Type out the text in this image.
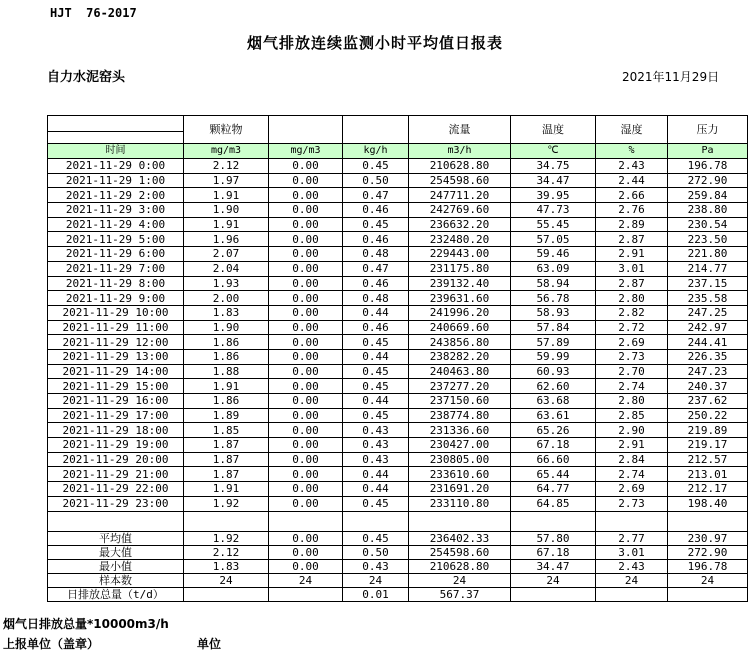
HJT  76-2017
烟气排放连续监测小时平均值日报表
自力水泥窑头	2021年11月29日
	颗粒物			流量	温度	湿度	压力

时间	mg/m3	mg/m3	kg/h	m3/h	℃	%	Pa
2021-11-29 0:00	2.12	0.00	0.45	210628.80	34.75	2.43	196.78
2021-11-29 1:00	1.97	0.00	0.50	254598.60	34.47	2.44	272.90
2021-11-29 2:00	1.91	0.00	0.47	247711.20	39.95	2.66	259.84
2021-11-29 3:00	1.90	0.00	0.46	242769.60	47.73	2.76	238.80
2021-11-29 4:00	1.91	0.00	0.45	236632.20	55.45	2.89	230.54
2021-11-29 5:00	1.96	0.00	0.46	232480.20	57.05	2.87	223.50
2021-11-29 6:00	2.07	0.00	0.48	229443.00	59.46	2.91	221.80
2021-11-29 7:00	2.04	0.00	0.47	231175.80	63.09	3.01	214.77
2021-11-29 8:00	1.93	0.00	0.46	239132.40	58.94	2.87	237.15
2021-11-29 9:00	2.00	0.00	0.48	239631.60	56.78	2.80	235.58
2021-11-29 10:00	1.83	0.00	0.44	241996.20	58.93	2.82	247.25
2021-11-29 11:00	1.90	0.00	0.46	240669.60	57.84	2.72	242.97
2021-11-29 12:00	1.86	0.00	0.45	243856.80	57.89	2.69	244.41
2021-11-29 13:00	1.86	0.00	0.44	238282.20	59.99	2.73	226.35
2021-11-29 14:00	1.88	0.00	0.45	240463.80	60.93	2.70	247.23
2021-11-29 15:00	1.91	0.00	0.45	237277.20	62.60	2.74	240.37
2021-11-29 16:00	1.86	0.00	0.44	237150.60	63.68	2.80	237.62
2021-11-29 17:00	1.89	0.00	0.45	238774.80	63.61	2.85	250.22
2021-11-29 18:00	1.85	0.00	0.43	231336.60	65.26	2.90	219.89
2021-11-29 19:00	1.87	0.00	0.43	230427.00	67.18	2.91	219.17
2021-11-29 20:00	1.87	0.00	0.43	230805.00	66.60	2.84	212.57
2021-11-29 21:00	1.87	0.00	0.44	233610.60	65.44	2.74	213.01
2021-11-29 22:00	1.91	0.00	0.44	231691.20	64.77	2.69	212.17
2021-11-29 23:00	1.92	0.00	0.45	233110.80	64.85	2.73	198.40

平均值	1.92	0.00	0.45	236402.33	57.80	2.77	230.97
最大值	2.12	0.00	0.50	254598.60	67.18	3.01	272.90
最小值	1.83	0.00	0.43	210628.80	34.47	2.43	196.78
样本数	24	24	24	24	24	24	24
日排放总量（t/d）			0.01	567.37			
烟气日排放总量*10000m3/h
上报单位（盖章）	单位
